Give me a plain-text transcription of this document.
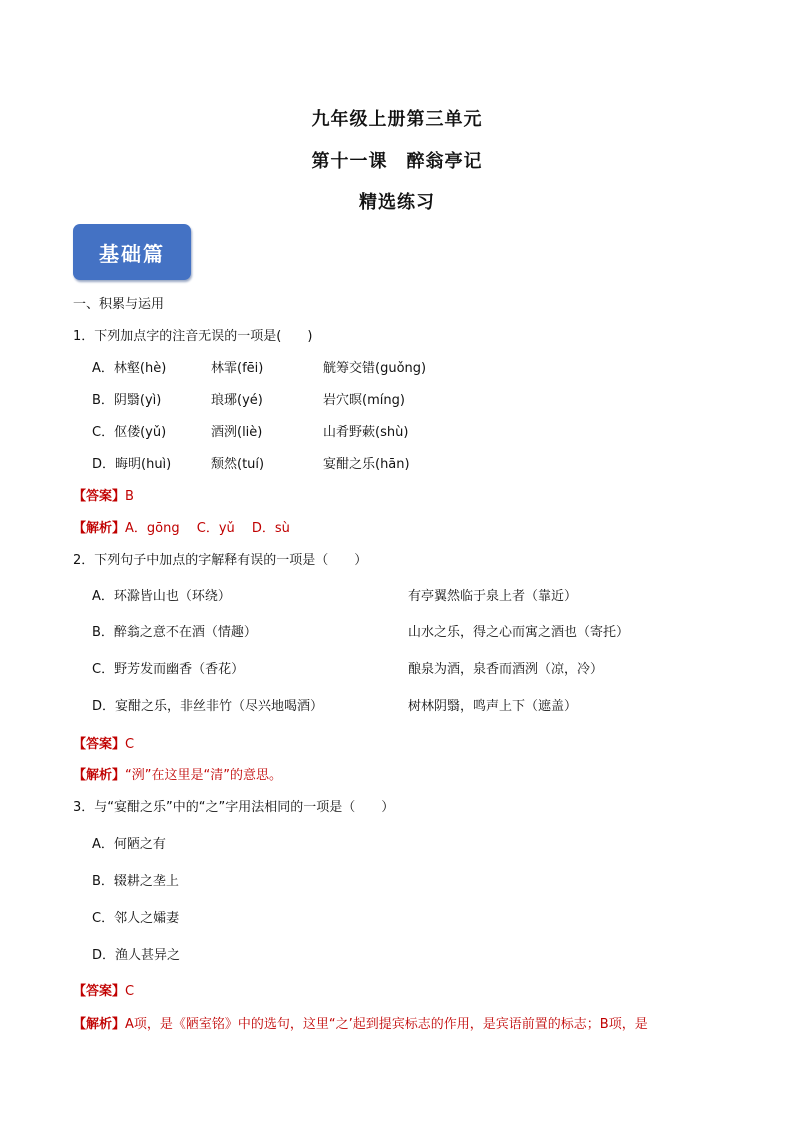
九年级上册第三单元
第十一课　醉翁亭记
精选练习
基础篇
一、积累与运用
1．下列加点字的注音无误的一项是(　　)
A．林壑(hè)	林霏(fēi)	觥筹交错(guǒng)
B．阴翳(yì)	琅琊(yé)	岩穴暝(míng)
C．伛偻(yǔ)	酒洌(liè)	山肴野蔌(shù)
D．晦明(huì)	颓然(tuí)	宴酣之乐(hān)
【答案】B
【解析】A．gōng　 C．yǔ　 D．sù
2．下列句子中加点的字解释有误的一项是（　　）
A．环滁皆山也（环绕）	有亭翼然临于泉上者（靠近）
B．醉翁之意不在酒（情趣）	山水之乐，得之心而寓之酒也（寄托）
C．野芳发而幽香（香花）	酿泉为酒，泉香而酒洌（凉，冷）
D．宴酣之乐，非丝非竹（尽兴地喝酒）	树林阴翳，鸣声上下（遮盖）
【答案】C
【解析】“洌”在这里是“清”的意思。
3．与“宴酣之乐”中的“之”字用法相同的一项是（　　）
A．何陋之有
B．辍耕之垄上
C．邻人之孀妻
D．渔人甚异之
【答案】C
【解析】A项，是《陋室铭》中的选句，这里“之’起到提宾标志的作用，是宾语前置的标志；B项，是
